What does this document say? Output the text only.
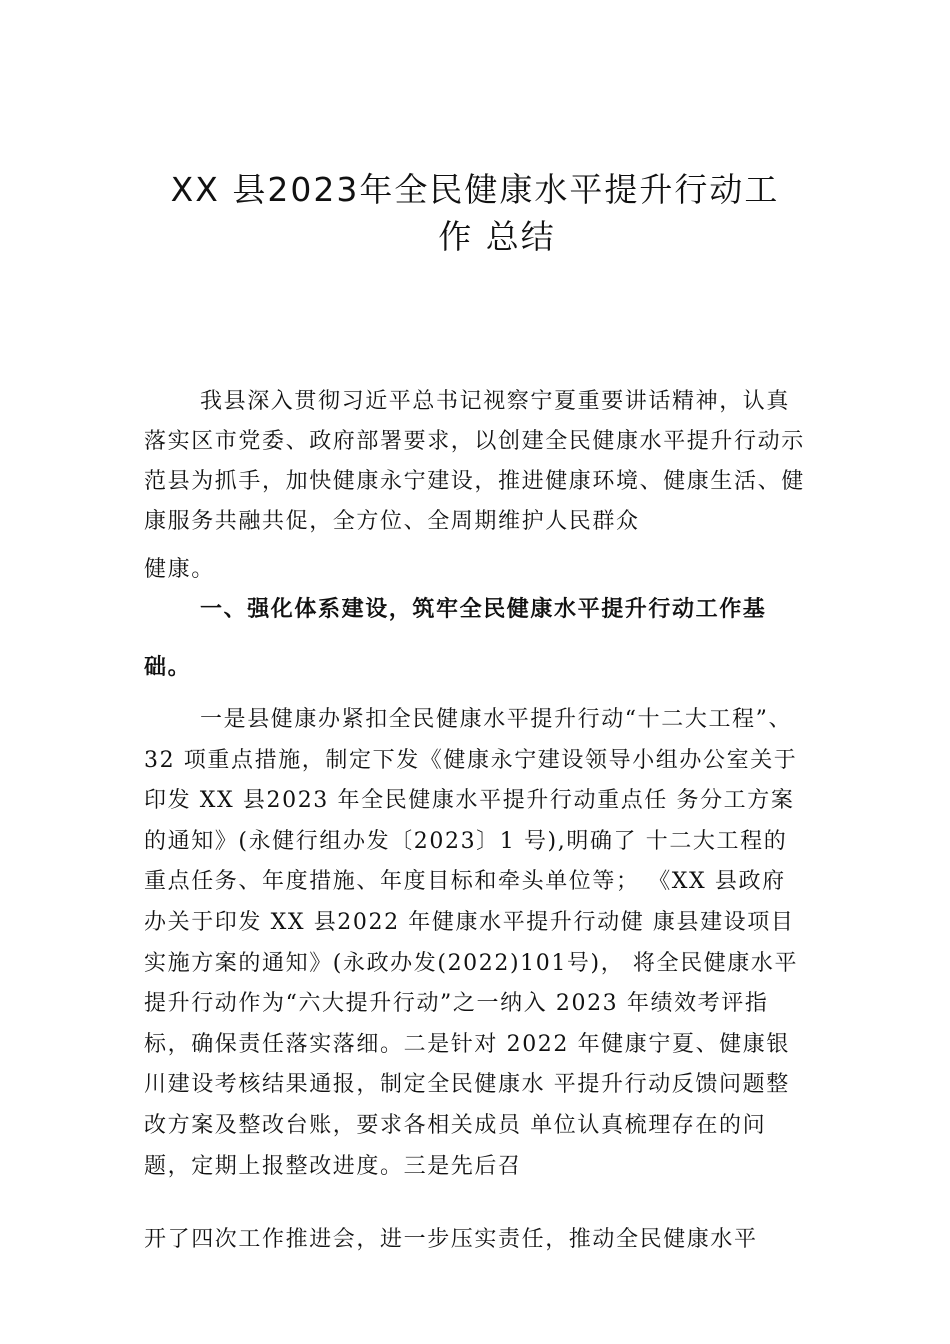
XX 县2023年全民健康水平提升行动工
作 总结

我县深入贯彻习近平总书记视察宁夏重要讲话精神，认真落实区市党委、政府部署要求，以创建全民健康水平提升行动示范县为抓手，加快健康永宁建设，推进健康环境、健康生活、健康服务共融共促，全方位、全周期维护人民群众

健康。

一、强化体系建设，筑牢全民健康水平提升行动工作基础。

一是县健康办紧扣全民健康水平提升行动“十二大工程”、32 项重点措施，制定下发《健康永宁建设领导小组办公室关于印发 XX 县2023 年全民健康水平提升行动重点任 务分工方案的通知》(永健行组办发〔2023〕1 号),明确了 十二大工程的重点任务、年度措施、年度目标和牵头单位等； 《XX 县政府办关于印发 XX 县2022 年健康水平提升行动健 康县建设项目实施方案的通知》(永政办发(2022)101号)， 将全民健康水平提升行动作为“六大提升行动”之一纳入 2023 年绩效考评指标，确保责任落实落细。二是针对 2022 年健康宁夏、健康银川建设考核结果通报，制定全民健康水 平提升行动反馈问题整改方案及整改台账，要求各相关成员 单位认真梳理存在的问题，定期上报整改进度。三是先后召

开了四次工作推进会，进一步压实责任，推动全民健康水平
